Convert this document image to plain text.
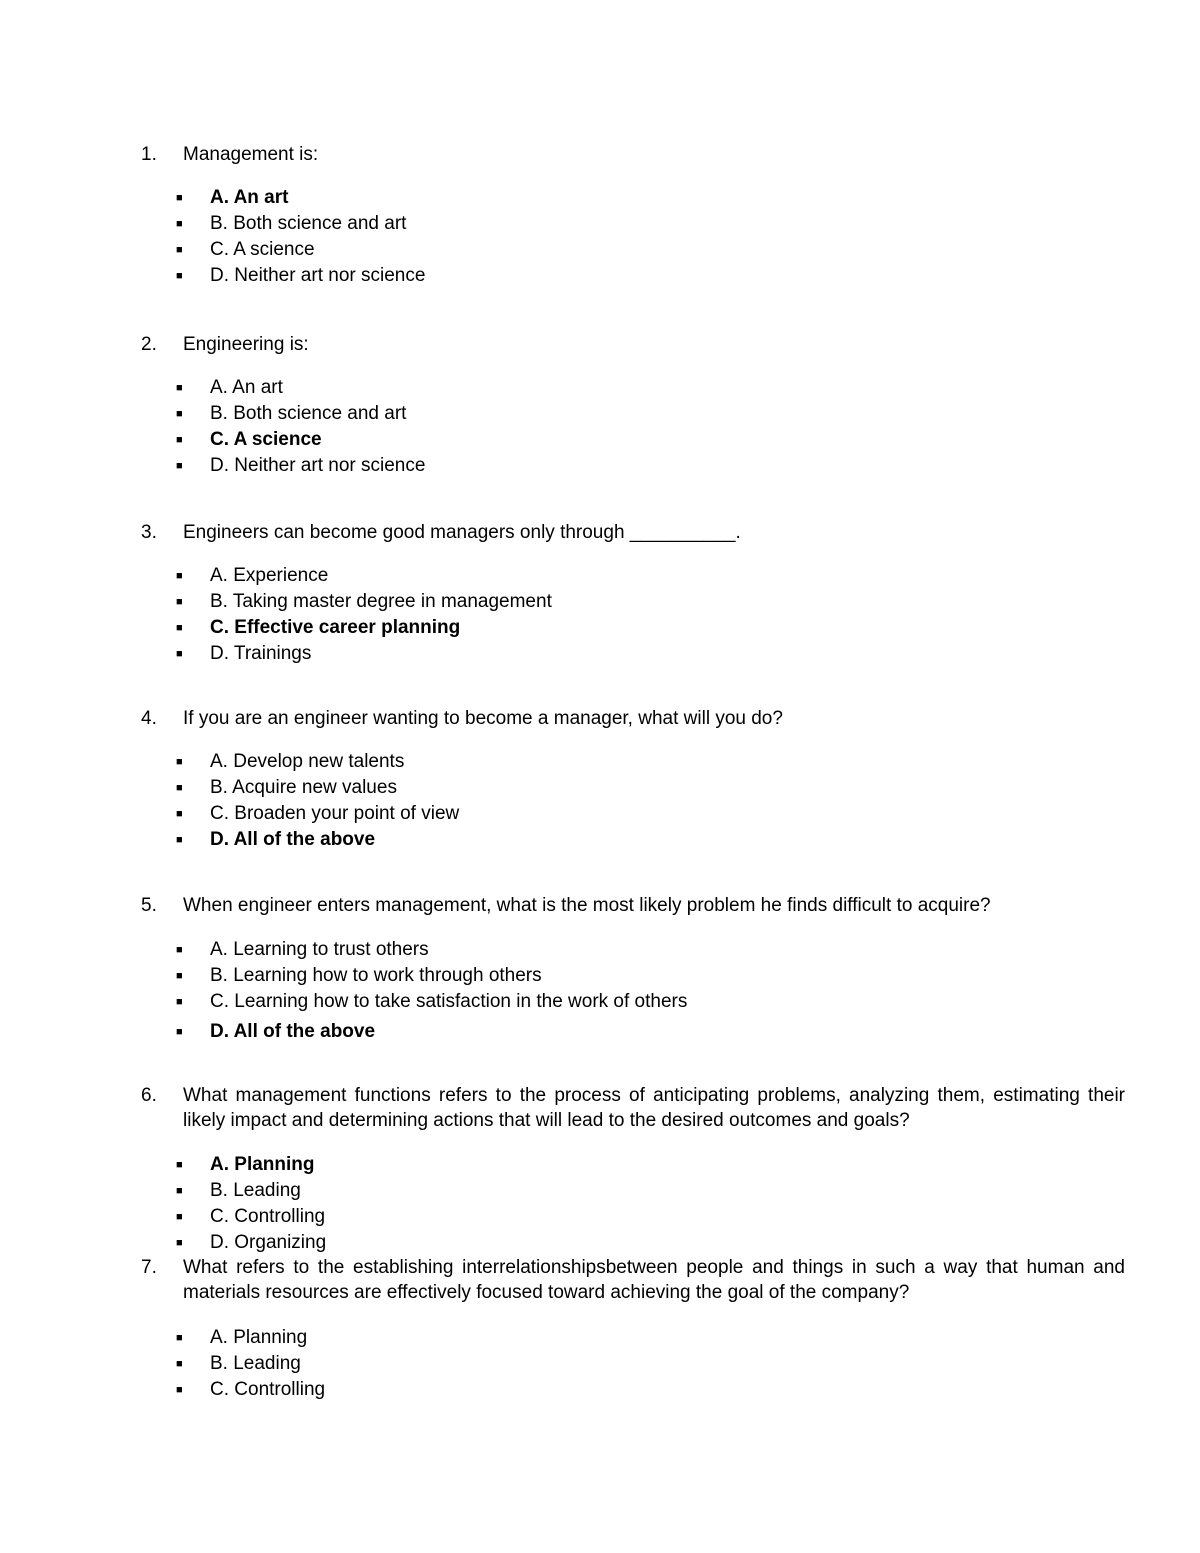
1. Management is:
■ A. An art
■ B. Both science and art
■ C. A science
■ D. Neither art nor science
2. Engineering is:
■ A. An art
■ B. Both science and art
■ C. A science
■ D. Neither art nor science
3. Engineers can become good managers only through __________.
■ A. Experience
■ B. Taking master degree in management
■ C. Effective career planning
■ D. Trainings
4. If you are an engineer wanting to become a manager, what will you do?
■ A. Develop new talents
■ B. Acquire new values
■ C. Broaden your point of view
■ D. All of the above
5. When engineer enters management, what is the most likely problem he finds difficult to acquire?
■ A. Learning to trust others
■ B. Learning how to work through others
■ C. Learning how to take satisfaction in the work of others
■ D. All of the above
6. What management functions refers to the process of anticipating problems, analyzing them, estimating their likely impact and determining actions that will lead to the desired outcomes and goals?
■ A. Planning
■ B. Leading
■ C. Controlling
■ D. Organizing
7. What refers to the establishing interrelationshipsbetween people and things in such a way that human and materials resources are effectively focused toward achieving the goal of the company?
■ A. Planning
■ B. Leading
■ C. Controlling
